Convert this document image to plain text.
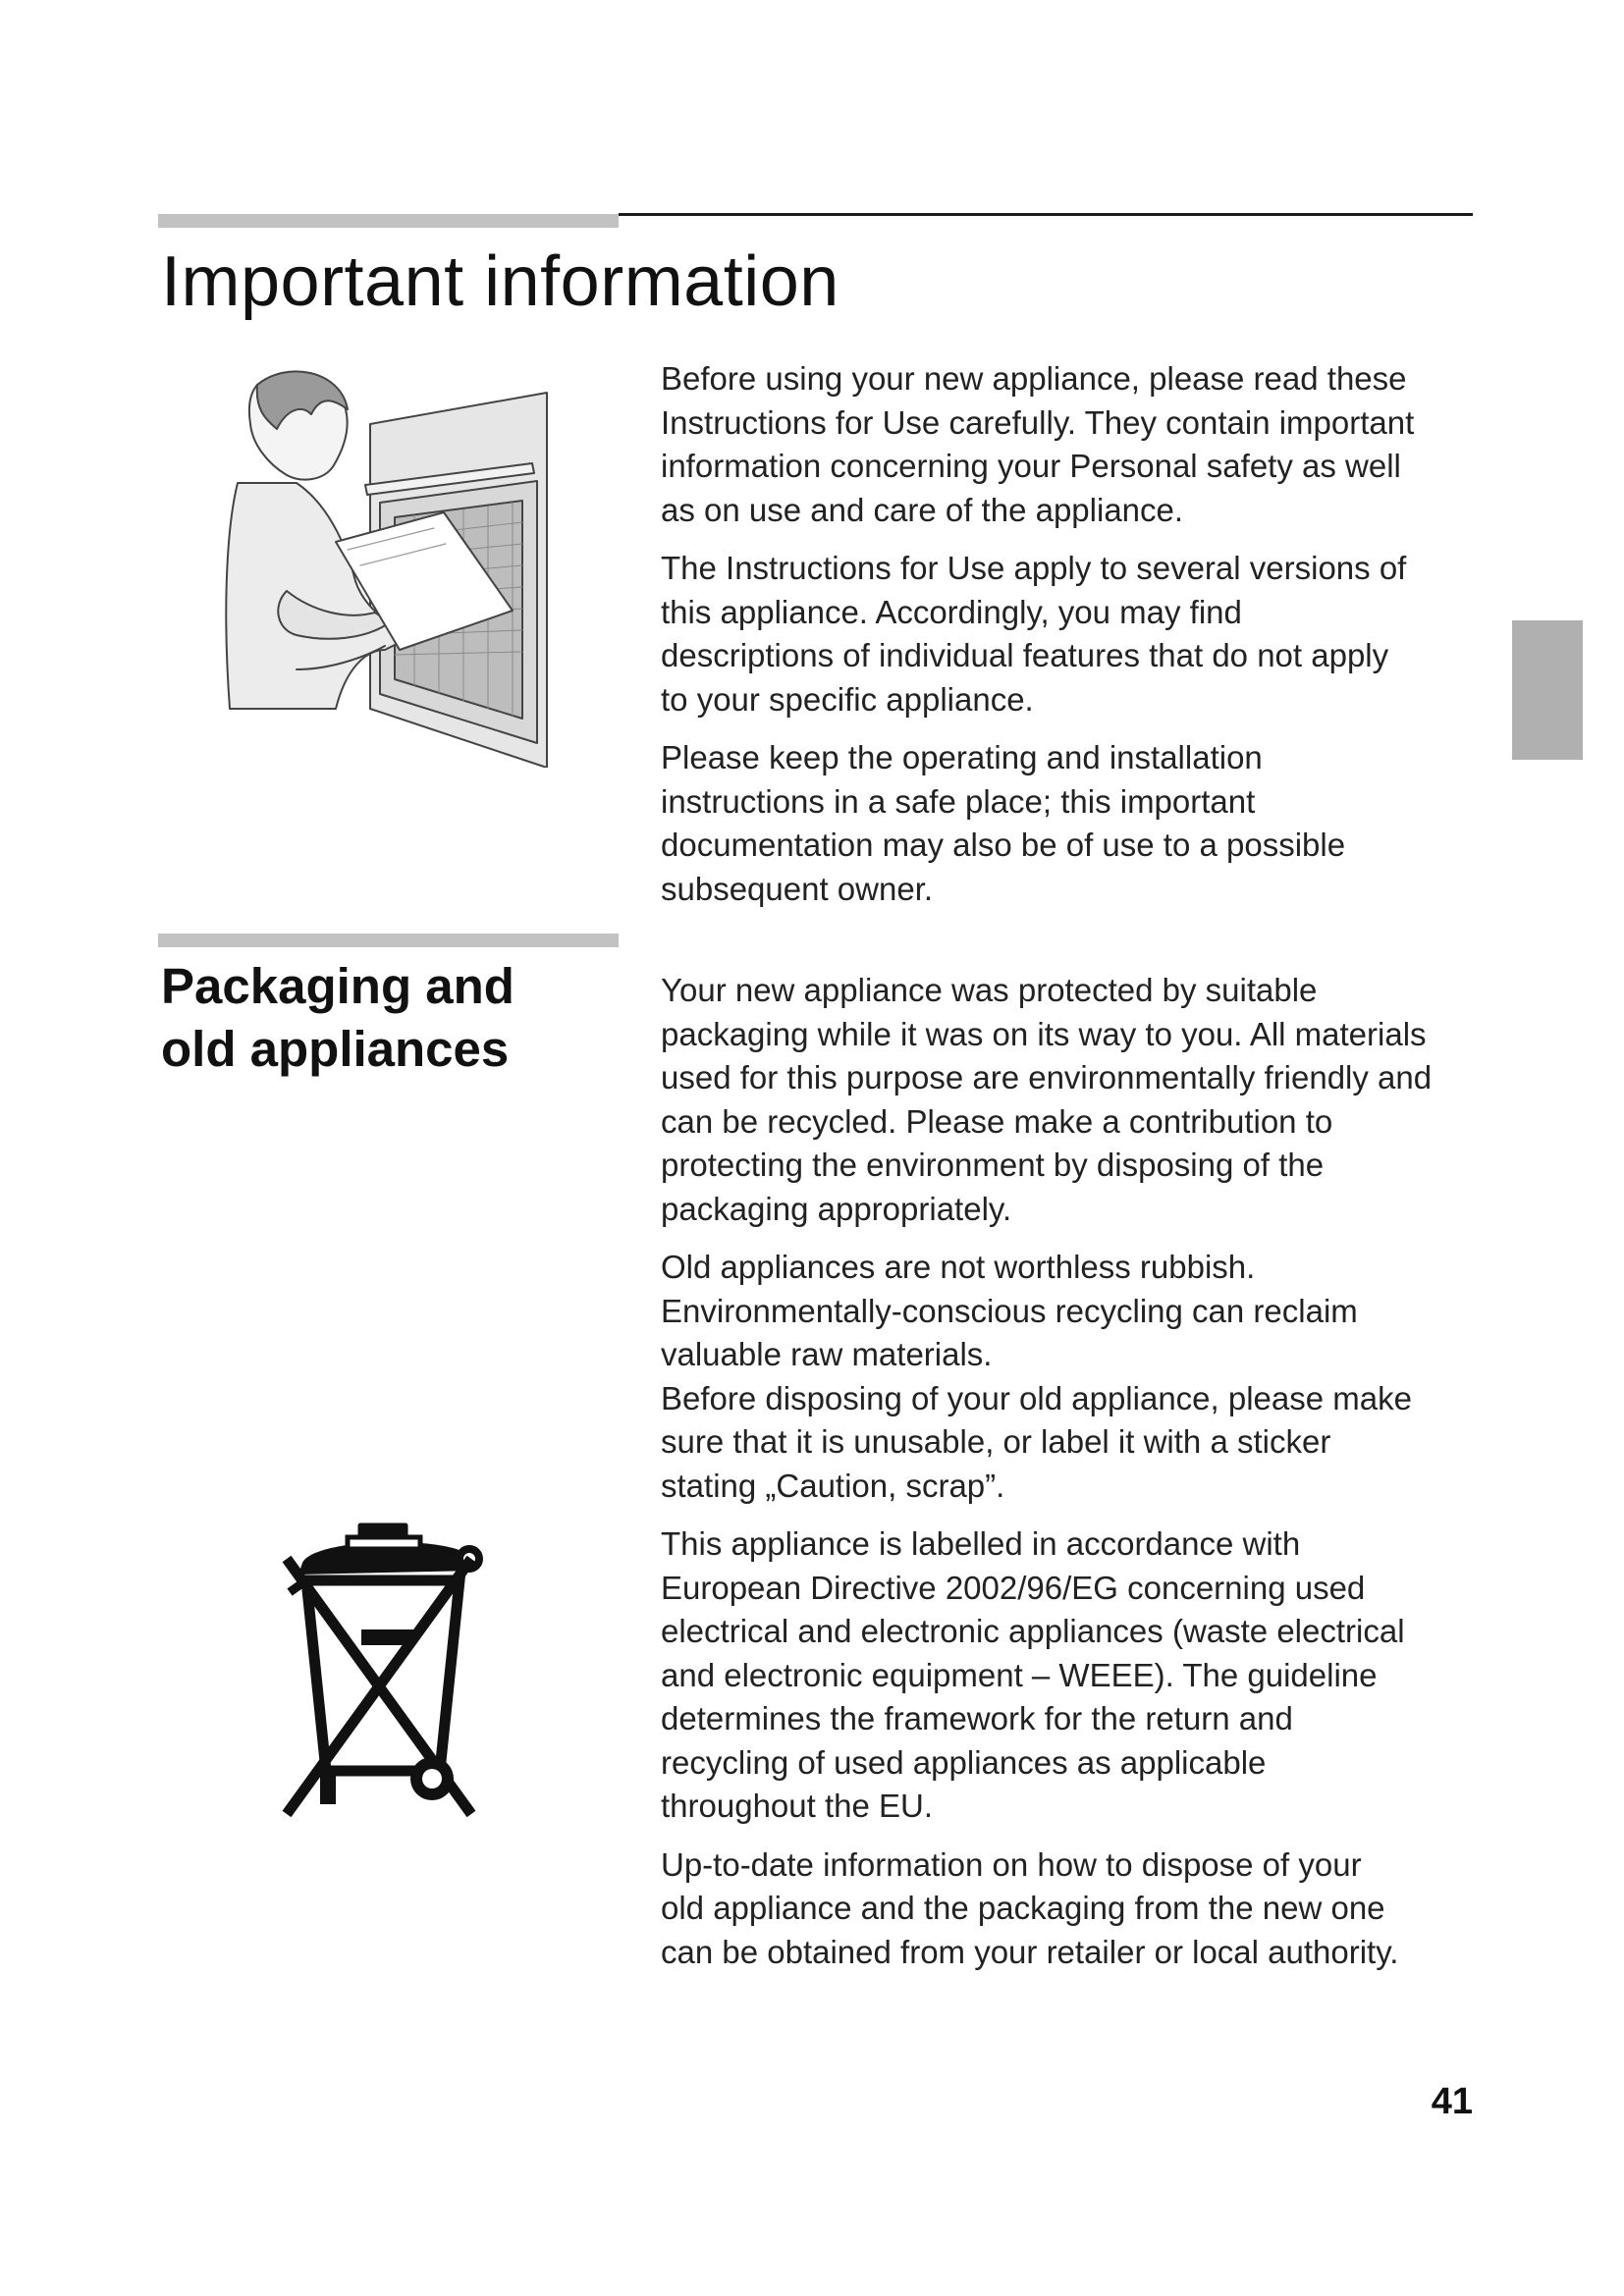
Important information

Before using your new appliance, please read these
Instructions for Use carefully. They contain important
information concerning your Personal safety as well
as on use and care of the appliance.

The Instructions for Use apply to several versions of
this appliance. Accordingly, you may find
descriptions of individual features that do not apply
to your specific appliance.

Please keep the operating and installation
instructions in a safe place; this important
documentation may also be of use to a possible
subsequent owner.

Packaging and
old appliances

Your new appliance was protected by suitable
packaging while it was on its way to you. All materials
used for this purpose are environmentally friendly and
can be recycled. Please make a contribution to
protecting the environment by disposing of the
packaging appropriately.

Old appliances are not worthless rubbish.
Environmentally-conscious recycling can reclaim
valuable raw materials.

Before disposing of your old appliance, please make
sure that it is unusable, or label it with a sticker
stating „Caution, scrap”.

This appliance is labelled in accordance with
European Directive 2002/96/EG concerning used
electrical and electronic appliances (waste electrical
and electronic equipment – WEEE). The guideline
determines the framework for the return and
recycling of used appliances as applicable
throughout the EU.

Up-to-date information on how to dispose of your
old appliance and the packaging from the new one
can be obtained from your retailer or local authority.

41
